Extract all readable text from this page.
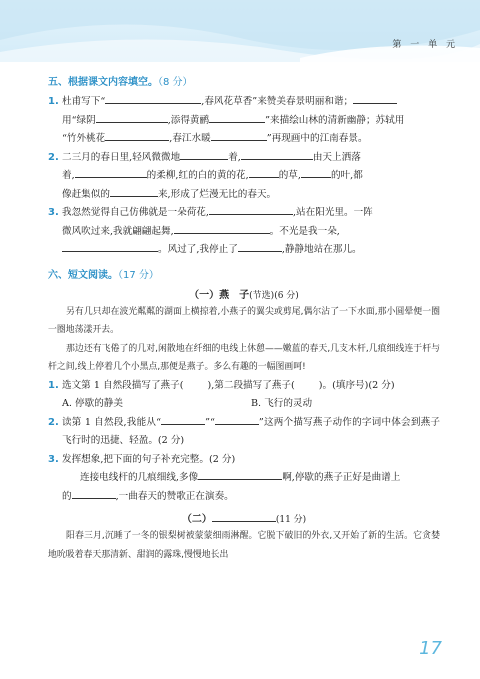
第 一 单 元
五、根据课文内容填空。（8 分）
1. 杜甫写下“	,春风花草香”来赞美春景明丽和谐；
用“绿阴	,添得黄鹂	”来描绘山林的清新幽静；苏轼用
“竹外桃花	,春江水暖	”再现画中的江南春景。
2. 二三月的春日里,轻风微微地	着,	由天上洒落
着,	的柔柳,红的白的黄的花,	的草,	的叶,都
像赶集似的	来,形成了烂漫无比的春天。
3. 我忽然觉得自己仿佛就是一朵荷花,	,站在阳光里。一阵
微风吹过来,我就翩翩起舞,	。不光是我一朵,
。风过了,我停止了	,静静地站在那儿。
六、短文阅读。（17 分）
（一）燕　子(节选)(6 分)
另有几只却在波光粼粼的湖面上横掠着,小燕子的翼尖或剪尾,偶尔沾了一下水面,那小圆晕便一圈一圈地荡漾开去。
那边还有飞倦了的几对,闲散地在纤细的电线上休憩——嫩蓝的春天,几支木杆,几痕细线连于杆与杆之间,线上停着几个小黑点,那便是燕子。多么有趣的一幅图画呵!
1. 选文第 1 自然段描写了燕子(	),第二段描写了燕子(	)。(填序号)(2 分)
A. 停歇的静美	B. 飞行的灵动
2. 读第 1 自然段,我能从“	”“	”这两个描写燕子动作的字词中体会到燕子飞行时的迅捷、轻盈。(2 分)
3. 发挥想象,把下面的句子补充完整。(2 分)
连接电线杆的几痕细线,多像	啊,停歇的燕子正好是曲谱上
的	,一曲春天的赞歌正在演奏。
（二）	(11 分)
阳春三月,沉睡了一冬的银梨树被蒙蒙细雨淋醒。它脱下破旧的外衣,又开始了新的生活。它贪婪地吮吸着春天那清新、甜润的露珠,慢慢地长出
17
